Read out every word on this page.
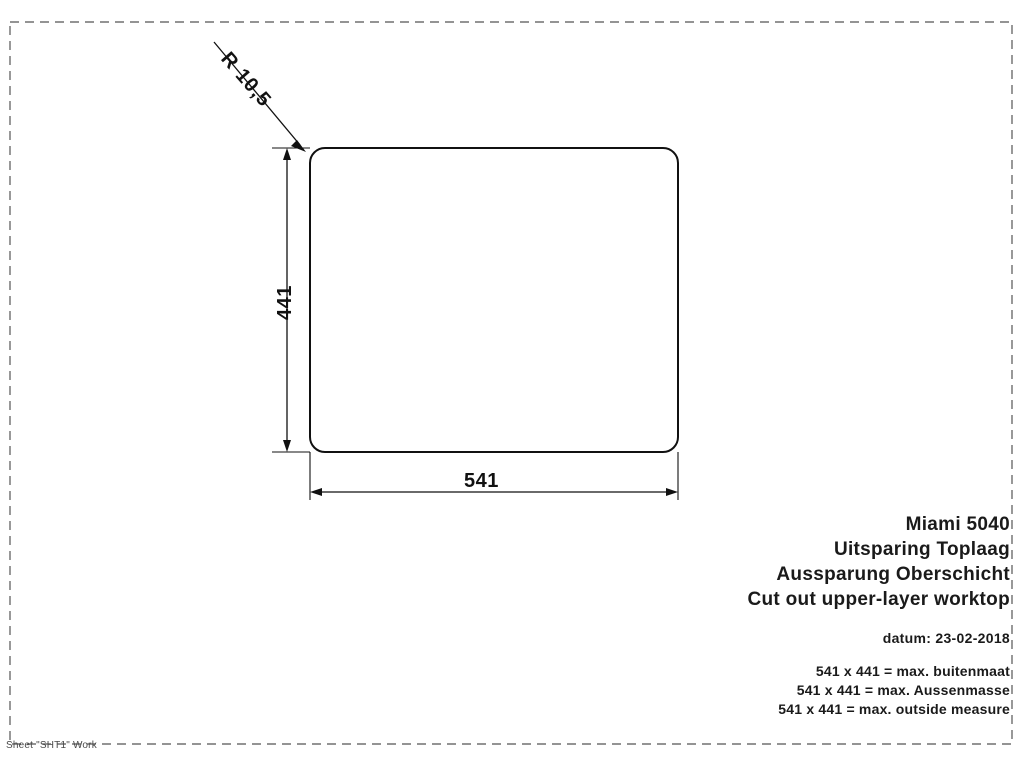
441
541
R 10,5
Miami 5040
Uitsparing Toplaag
Aussparung Oberschicht
Cut out upper-layer worktop
datum: 23-02-2018
541 x 441 = max. buitenmaat
541 x 441 = max. Aussenmasse
541 x 441 = max. outside measure
Sheet "SHT1" Work
